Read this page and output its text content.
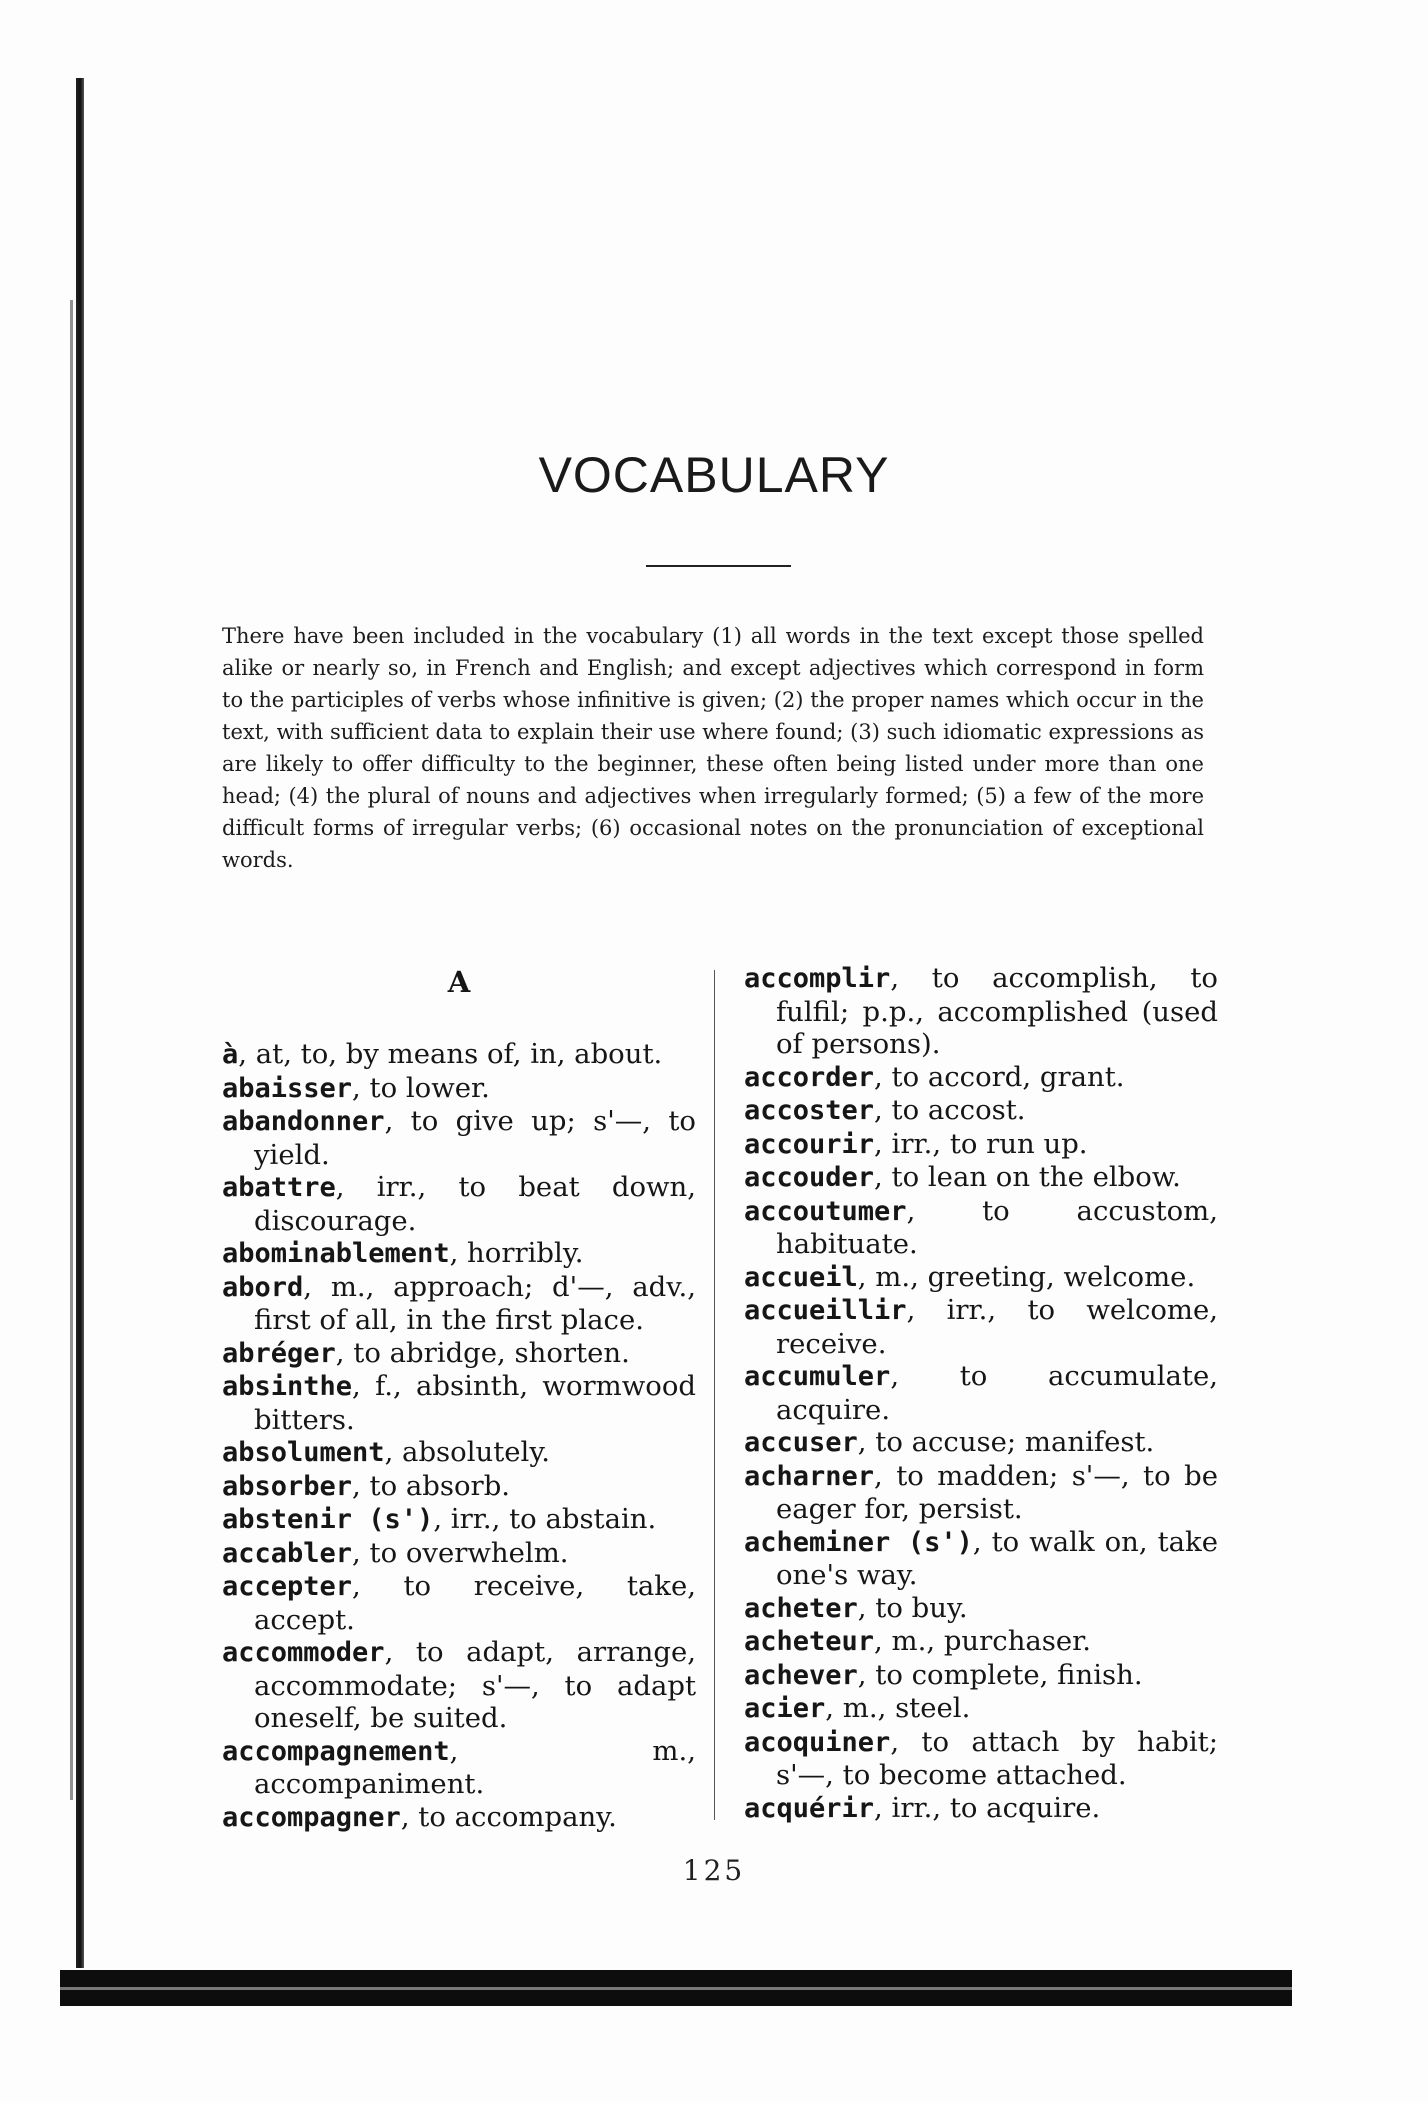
VOCABULARY

There have been included in the vocabulary (1) all words in the text except those spelled alike or nearly so, in French and English; and except adjectives which correspond in form to the participles of verbs whose infinitive is given; (2) the proper names which occur in the text, with sufficient data to explain their use where found; (3) such idiomatic expressions as are likely to offer difficulty to the beginner, these often being listed under more than one head; (4) the plural of nouns and adjectives when irregularly formed; (5) a few of the more difficult forms of irregular verbs; (6) occasional notes on the pronunciation of exceptional words.

A
à, at, to, by means of, in, about.
abaisser, to lower.
abandonner, to give up; s'—, to yield.
abattre, irr., to beat down, discourage.
abominablement, horribly.
abord, m., approach; d'—, adv., first of all, in the first place.
abréger, to abridge, shorten.
absinthe, f., absinth, wormwood bitters.
absolument, absolutely.
absorber, to absorb.
abstenir (s'), irr., to abstain.
accabler, to overwhelm.
accepter, to receive, take, accept.
accommoder, to adapt, arrange, accommodate; s'—, to adapt oneself, be suited.
accompagnement, m., accompaniment.
accompagner, to accompany.
accomplir, to accomplish, to fulfil; p.p., accomplished (used of persons).
accorder, to accord, grant.
accoster, to accost.
accourir, irr., to run up.
accouder, to lean on the elbow.
accoutumer, to accustom, habituate.
accueil, m., greeting, welcome.
accueillir, irr., to welcome, receive.
accumuler, to accumulate, acquire.
accuser, to accuse; manifest.
acharner, to madden; s'—, to be eager for, persist.
acheminer (s'), to walk on, take one's way.
acheter, to buy.
acheteur, m., purchaser.
achever, to complete, finish.
acier, m., steel.
acoquiner, to attach by habit; s'—, to become attached.
acquérir, irr., to acquire.
125
